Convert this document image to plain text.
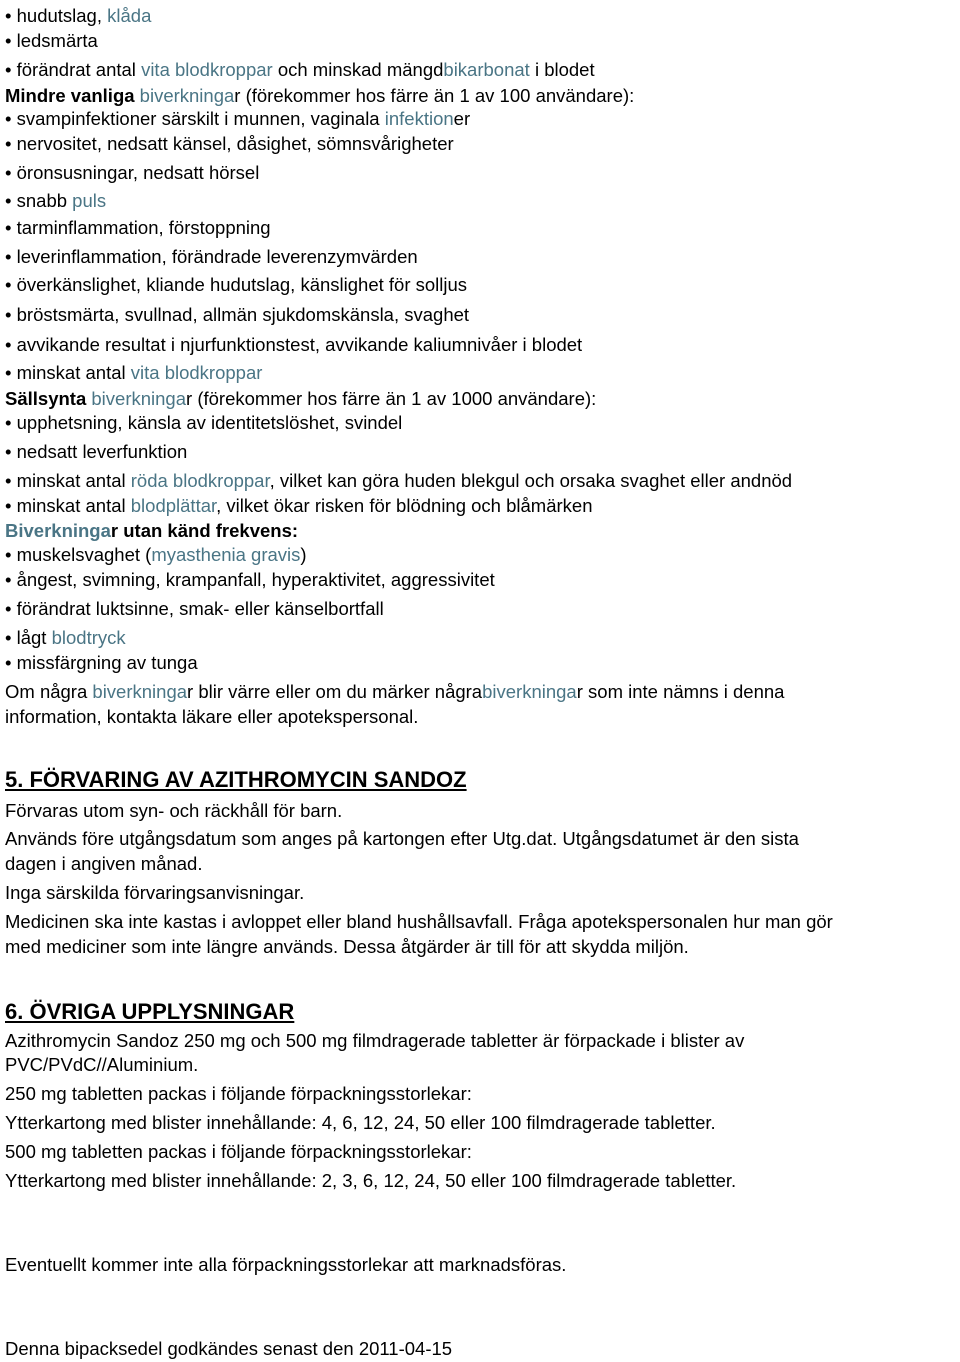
• hudutslag, klåda
• ledsmärta
• förändrat antal vita blodkroppar och minskad mängdbikarbonat i blodet
Mindre vanliga biverkningar (förekommer hos färre än 1 av 100 användare):
• svampinfektioner särskilt i munnen, vaginala infektioner
• nervositet, nedsatt känsel, dåsighet, sömnsvårigheter
• öronsusningar, nedsatt hörsel
• snabb puls
• tarminflammation, förstoppning
• leverinflammation, förändrade leverenzymvärden
• överkänslighet, kliande hudutslag, känslighet för solljus
• bröstsmärta, svullnad, allmän sjukdomskänsla, svaghet
• avvikande resultat i njurfunktionstest, avvikande kaliumnivåer i blodet
• minskat antal vita blodkroppar
Sällsynta biverkningar (förekommer hos färre än 1 av 1000 användare):
• upphetsning, känsla av identitetslöshet, svindel
• nedsatt leverfunktion
• minskat antal röda blodkroppar, vilket kan göra huden blekgul och orsaka svaghet eller andnöd
• minskat antal blodplättar, vilket ökar risken för blödning och blåmärken
Biverkningar utan känd frekvens:
• muskelsvaghet (myasthenia gravis)
• ångest, svimning, krampanfall, hyperaktivitet, aggressivitet
• förändrat luktsinne, smak- eller känselbortfall
• lågt blodtryck
• missfärgning av tunga
Om några biverkningar blir värre eller om du märker någrabiverkningar som inte nämns i denna
information, kontakta läkare eller apotekspersonal.
5. FÖRVARING AV AZITHROMYCIN SANDOZ
Förvaras utom syn- och räckhåll för barn.
Används före utgångsdatum som anges på kartongen efter Utg.dat. Utgångsdatumet är den sista
dagen i angiven månad.
Inga särskilda förvaringsanvisningar.
Medicinen ska inte kastas i avloppet eller bland hushållsavfall. Fråga apotekspersonalen hur man gör
med mediciner som inte längre används. Dessa åtgärder är till för att skydda miljön.
6. ÖVRIGA UPPLYSNINGAR
Azithromycin Sandoz 250 mg och 500 mg filmdragerade tabletter är förpackade i blister av
PVC/PVdC//Aluminium.
250 mg tabletten packas i följande förpackningsstorlekar:
Ytterkartong med blister innehållande: 4, 6, 12, 24, 50 eller 100 filmdragerade tabletter.
500 mg tabletten packas i följande förpackningsstorlekar:
Ytterkartong med blister innehållande: 2, 3, 6, 12, 24, 50 eller 100 filmdragerade tabletter.
Eventuellt kommer inte alla förpackningsstorlekar att marknadsföras.
Denna bipacksedel godkändes senast den 2011-04-15
